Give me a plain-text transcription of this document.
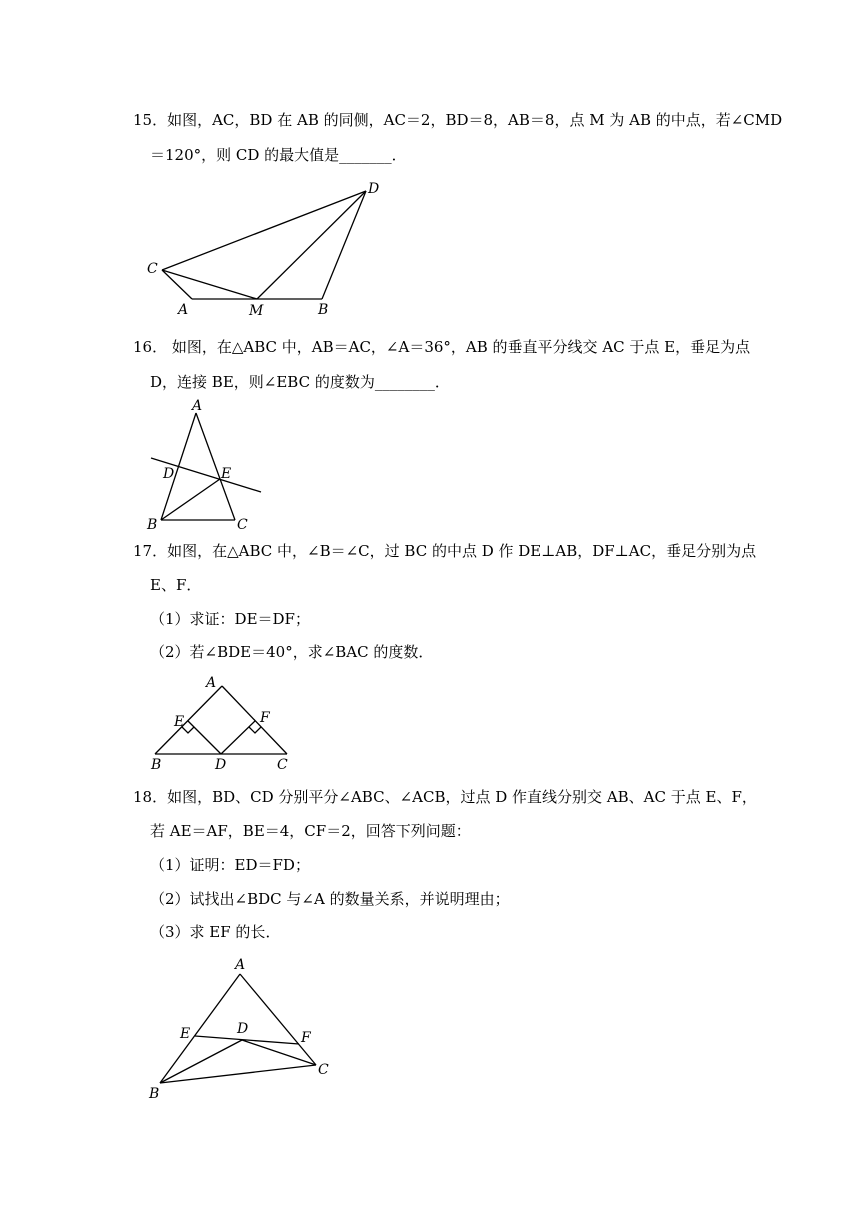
15．如图，AC，BD 在 AB 的同侧，AC＝2，BD＝8，AB＝8，点 M 为 AB 的中点，若∠CMD

＝120°，则 CD 的最大值是_______．

C
A	M	B
D

16． 如图，在△ABC 中，AB＝AC，∠A＝36°，AB 的垂直平分线交 AC 于点 E，垂足为点

D，连接 BE，则∠EBC 的度数为________．

A
D	E
B	C

17．如图，在△ABC 中，∠B＝∠C，过 BC 的中点 D 作 DE⊥AB，DF⊥AC，垂足分别为点

E、F．

（1）求证：DE＝DF；

（2）若∠BDE＝40°，求∠BAC 的度数．

A
E	F
B	D	C

18．如图，BD、CD 分别平分∠ABC、∠ACB，过点 D 作直线分别交 AB、AC 于点 E、F，

若 AE＝AF，BE＝4，CF＝2，回答下列问题：

（1）证明：ED＝FD；

（2）试找出∠BDC 与∠A 的数量关系，并说明理由；

（3）求 EF 的长．

A
E	D
F
C
B
